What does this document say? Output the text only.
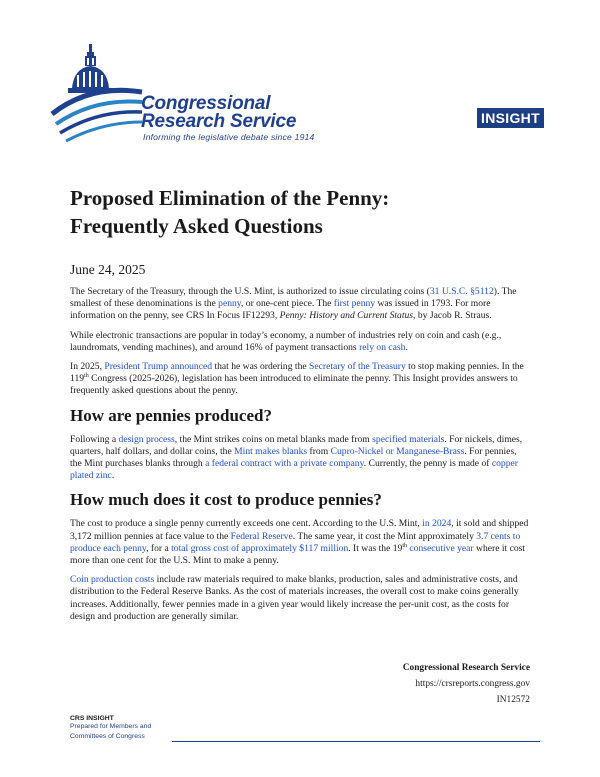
Congressional
Research Service
Informing the legislative debate since 1914
INSIGHT
Proposed Elimination of the Penny:
Frequently Asked Questions
June 24, 2025

The Secretary of the Treasury, through the U.S. Mint, is authorized to issue circulating coins (31 U.S.C. §5112). The smallest of these denominations is the penny, or one-cent piece. The first penny was issued in 1793. For more information on the penny, see CRS In Focus IF12293, Penny: History and Current Status, by Jacob R. Straus.

While electronic transactions are popular in today’s economy, a number of industries rely on coin and cash (e.g., laundromats, vending machines), and around 16% of payment transactions rely on cash.

In 2025, President Trump announced that he was ordering the Secretary of the Treasury to stop making pennies. In the 119th Congress (2025-2026), legislation has been introduced to eliminate the penny. This Insight provides answers to frequently asked questions about the penny.

How are pennies produced?

Following a design process, the Mint strikes coins on metal blanks made from specified materials. For nickels, dimes, quarters, half dollars, and dollar coins, the Mint makes blanks from Cupro-Nickel or Manganese-Brass. For pennies, the Mint purchases blanks through a federal contract with a private company. Currently, the penny is made of copper plated zinc.

How much does it cost to produce pennies?

The cost to produce a single penny currently exceeds one cent. According to the U.S. Mint, in 2024, it sold and shipped 3,172 million pennies at face value to the Federal Reserve. The same year, it cost the Mint approximately 3.7 cents to produce each penny, for a total gross cost of approximately $117 million. It was the 19th consecutive year where it cost more than one cent for the U.S. Mint to make a penny.

Coin production costs include raw materials required to make blanks, production, sales and administrative costs, and distribution to the Federal Reserve Banks. As the cost of materials increases, the overall cost to make coins generally increases. Additionally, fewer pennies made in a given year would likely increase the per-unit cost, as the costs for design and production are generally similar.

Congressional Research Service
https://crsreports.congress.gov
IN12572
CRS INSIGHT
Prepared for Members and
Committees of Congress
